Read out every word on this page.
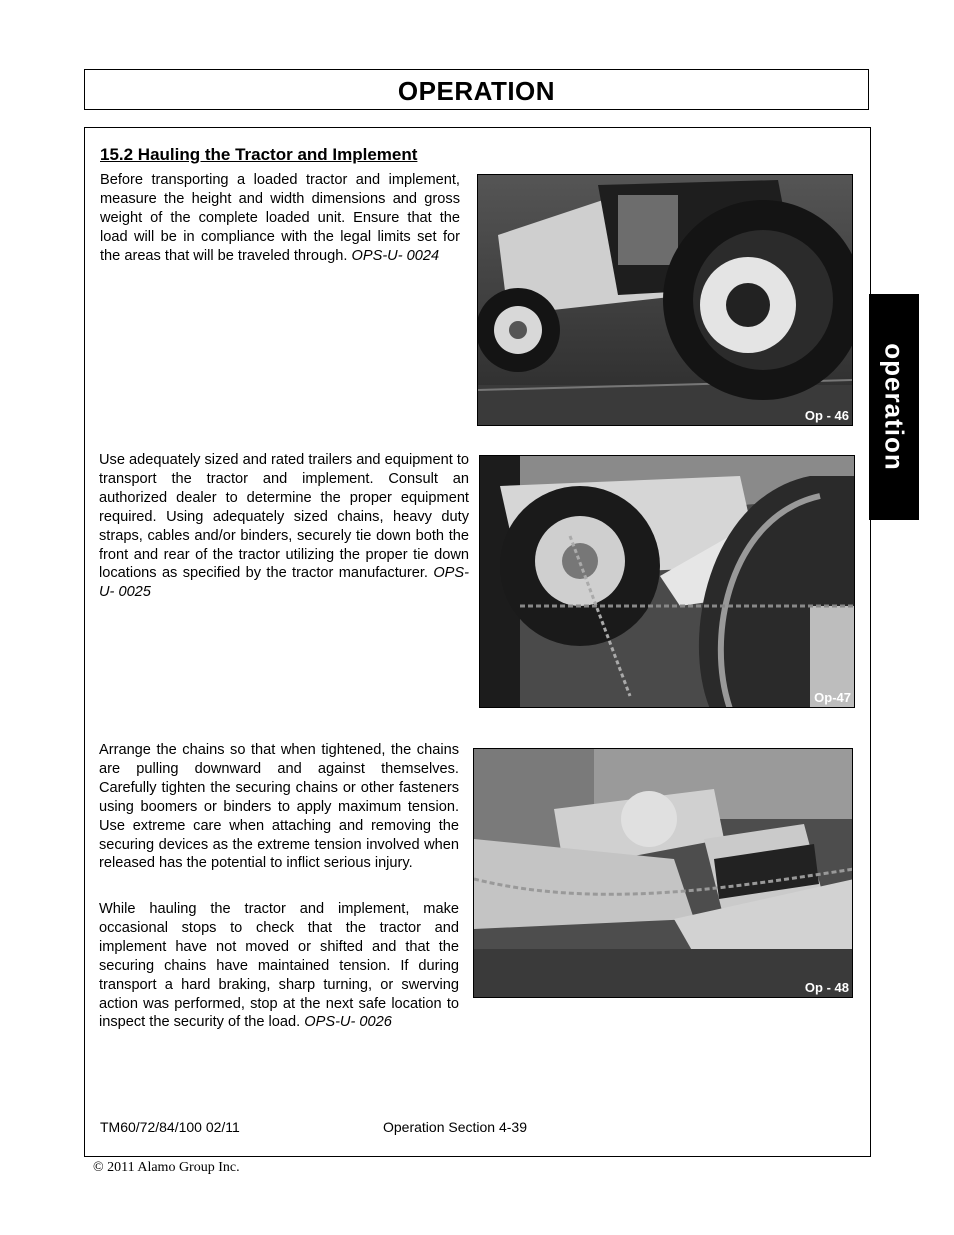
OPERATION
operation
15.2 Hauling the Tractor and Implement
Before transporting a loaded tractor and implement, measure the height and width dimensions and gross weight of the complete loaded unit. Ensure that the load will be in compliance with the legal limits set for the areas that will be traveled through. OPS-U- 0024
Use adequately sized and rated trailers and equipment to transport the tractor and implement. Consult an authorized dealer to determine the proper equipment required. Using adequately sized chains, heavy duty straps, cables and/or binders, securely tie down both the front and rear of the tractor utilizing the proper tie down locations as specified by the tractor manufacturer. OPS-U- 0025
Arrange the chains so that when tightened, the chains are pulling downward and against themselves. Carefully tighten the securing chains or other fasteners using boomers or binders to apply maximum tension. Use extreme care when attaching and removing the securing devices as the extreme tension involved when released has the potential to inflict serious injury.
While hauling the tractor and implement, make occasional stops to check that the tractor and implement have not moved or shifted and that the securing chains have maintained tension. If during transport a hard braking, sharp turning, or swerving action was performed, stop at the next safe location to inspect the security of the load. OPS-U- 0026
Op - 46
Op-47
Op - 48
TM60/72/84/100 02/11	Operation Section 4-39
© 2011 Alamo Group Inc.
